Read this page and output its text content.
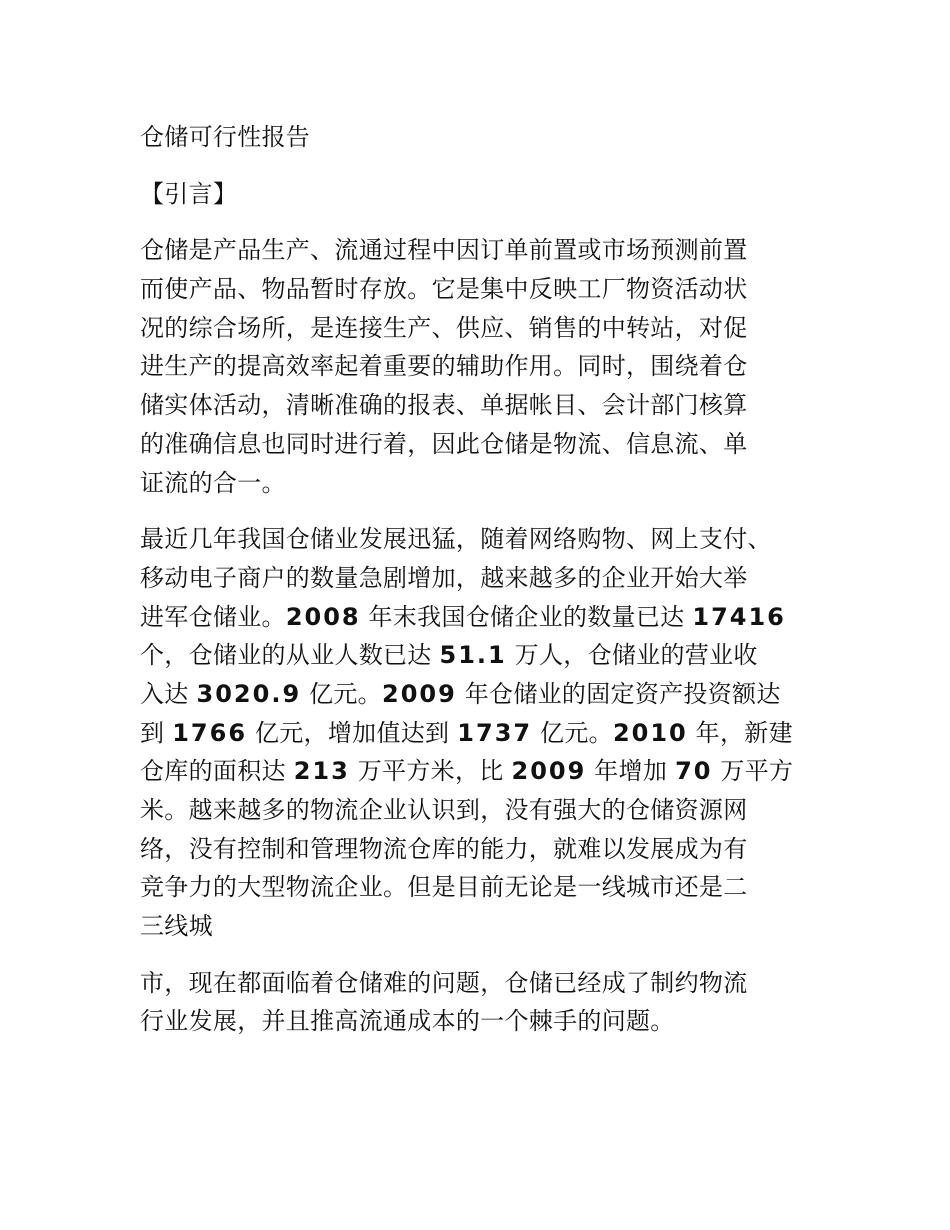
仓储可行性报告
【引言】
仓储是产品生产、流通过程中因订单前置或市场预测前置
而使产品、物品暂时存放。它是集中反映工厂物资活动状
况的综合场所，是连接生产、供应、销售的中转站，对促
进生产的提高效率起着重要的辅助作用。同时，围绕着仓
储实体活动，清晰准确的报表、单据帐目、会计部门核算
的准确信息也同时进行着，因此仓储是物流、信息流、单
证流的合一。
最近几年我国仓储业发展迅猛，随着网络购物、网上支付、
移动电子商户的数量急剧增加，越来越多的企业开始大举
进军仓储业。2008 年末我国仓储企业的数量已达 17416
个，仓储业的从业人数已达 51.1 万人，仓储业的营业收
入达 3020.9 亿元。2009 年仓储业的固定资产投资额达
到 1766 亿元，增加值达到 1737 亿元。2010 年，新建
仓库的面积达 213 万平方米，比 2009 年增加 70 万平方
米。越来越多的物流企业认识到，没有强大的仓储资源网
络，没有控制和管理物流仓库的能力，就难以发展成为有
竞争力的大型物流企业。但是目前无论是一线城市还是二
三线城
市，现在都面临着仓储难的问题，仓储已经成了制约物流
行业发展，并且推高流通成本的一个棘手的问题。
